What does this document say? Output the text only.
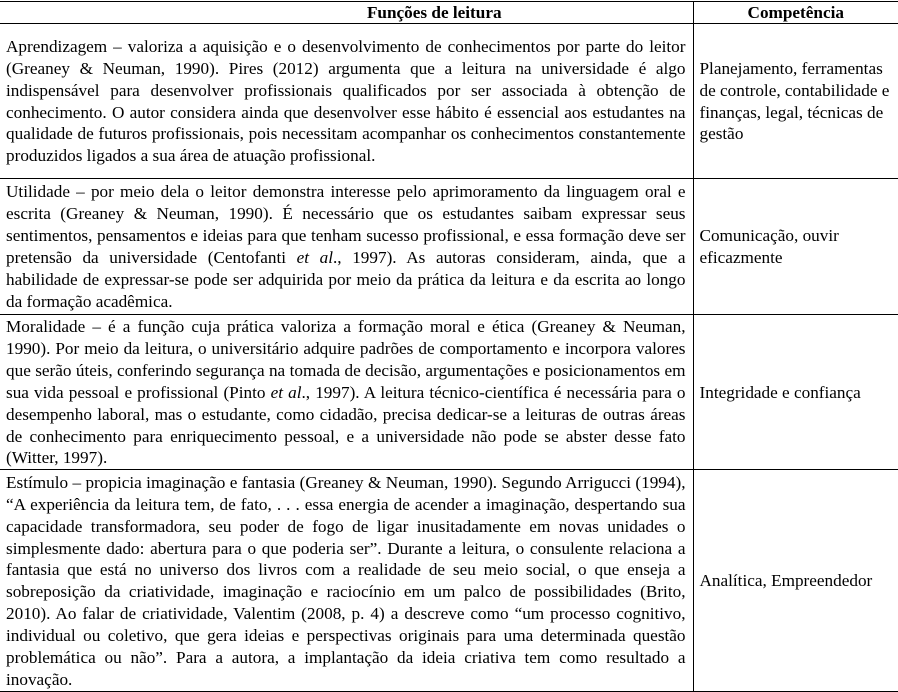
Funções de leitura	Competência
Aprendizagem – valoriza a aquisição e o desenvolvimento de conhecimentos por parte do leitor (Greaney & Neuman, 1990). Pires (2012) argumenta que a leitura na universidade é algo indispensável para desenvolver profissionais qualificados por ser associada à obtenção de conhecimento. O autor considera ainda que desenvolver esse hábito é essencial aos estudantes na qualidade de futuros profissionais, pois necessitam acompanhar os conhecimentos constantemente produzidos ligados a sua área de atuação profissional.	Planejamento, ferramentas de controle, contabilidade e finanças, legal, técnicas de gestão
Utilidade – por meio dela o leitor demonstra interesse pelo aprimoramento da linguagem oral e escrita (Greaney & Neuman, 1990). É necessário que os estudantes saibam expressar seus sentimentos, pensamentos e ideias para que tenham sucesso profissional, e essa formação deve ser pretensão da universidade (Centofanti et al., 1997). As autoras consideram, ainda, que a habilidade de expressar-se pode ser adquirida por meio da prática da leitura e da escrita ao longo da formação acadêmica.	Comunicação, ouvir eficazmente
Moralidade – é a função cuja prática valoriza a formação moral e ética (Greaney & Neuman, 1990). Por meio da leitura, o universitário adquire padrões de comportamento e incorpora valores que serão úteis, conferindo segurança na tomada de decisão, argumentações e posicionamentos em sua vida pessoal e profissional (Pinto et al., 1997). A leitura técnico-científica é necessária para o desempenho laboral, mas o estudante, como cidadão, precisa dedicar-se a leituras de outras áreas de conhecimento para enriquecimento pessoal, e a universidade não pode se abster desse fato (Witter, 1997).	Integridade e confiança
Estímulo – propicia imaginação e fantasia (Greaney & Neuman, 1990). Segundo Arrigucci (1994), “A experiência da leitura tem, de fato, . . . essa energia de acender a imaginação, despertando sua capacidade transformadora, seu poder de fogo de ligar inusitadamente em novas unidades o simplesmente dado: abertura para o que poderia ser”. Durante a leitura, o consulente relaciona a fantasia que está no universo dos livros com a realidade de seu meio social, o que enseja a sobreposição da criatividade, imaginação e raciocínio em um palco de possibilidades (Brito, 2010). Ao falar de criatividade, Valentim (2008, p. 4) a descreve como “um processo cognitivo, individual ou coletivo, que gera ideias e perspectivas originais para uma determinada questão problemática ou não”. Para a autora, a implantação da ideia criativa tem como resultado a inovação.	Analítica, Empreendedor
